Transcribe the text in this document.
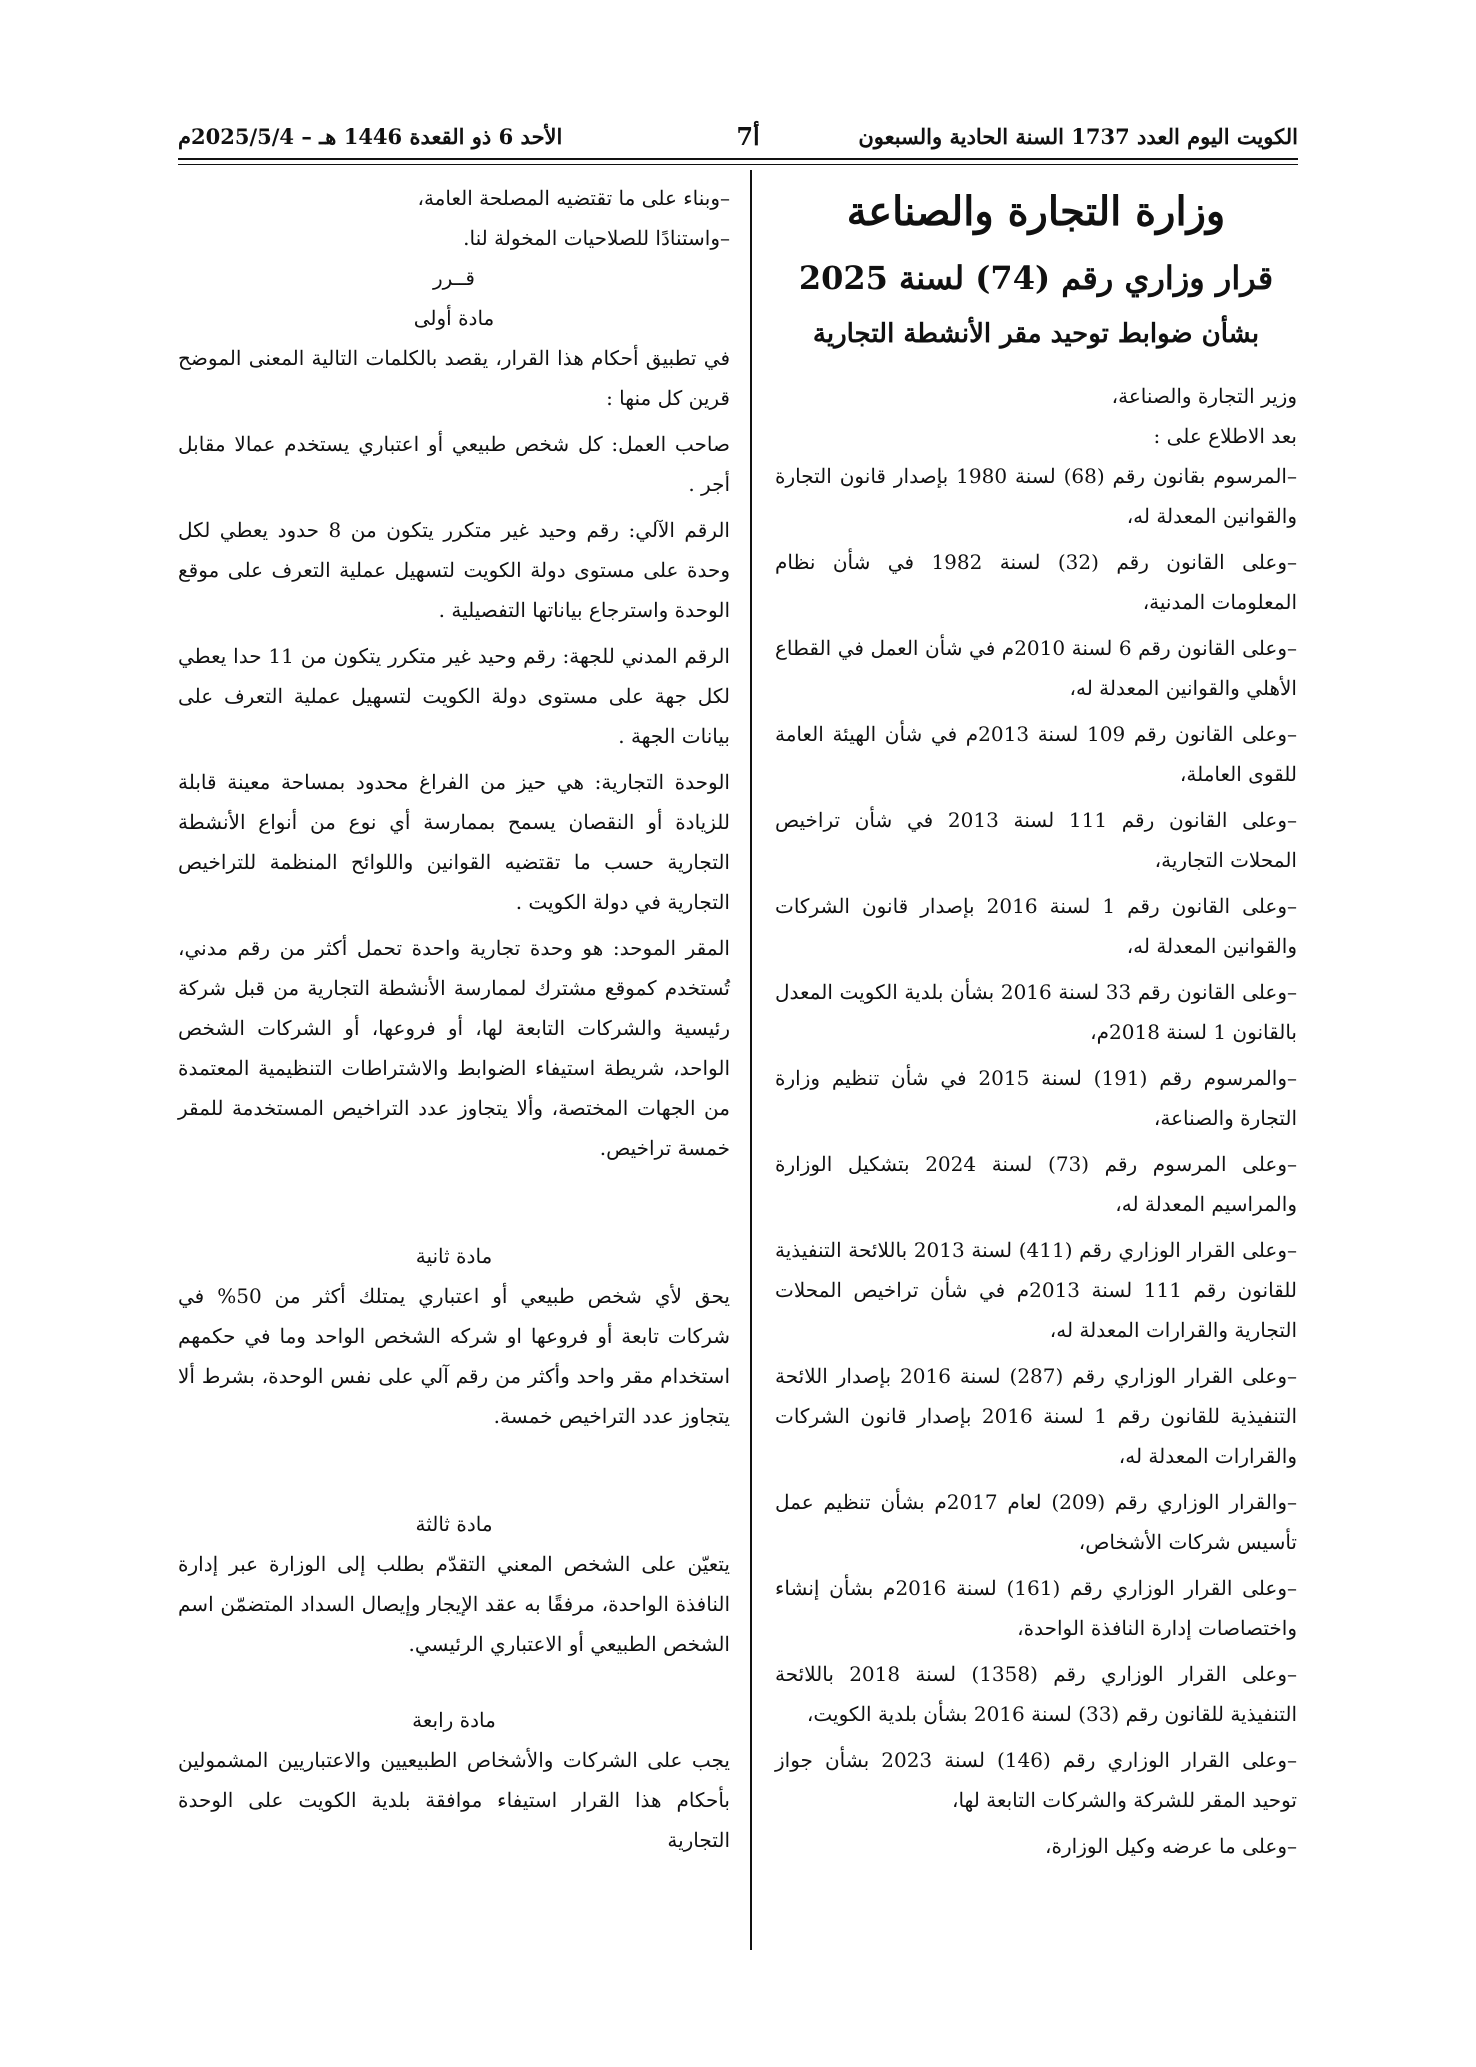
الكويت اليوم العدد 1737 السنة الحادية والسبعون
7أ
الأحد 6 ذو القعدة 1446 هـ – 2025/5/4م

وزارة التجارة والصناعة

قرار وزاري رقم (74) لسنة 2025

بشأن ضوابط توحيد مقر الأنشطة التجارية

وزير التجارة والصناعة،

بعد الاطلاع على :

–المرسوم بقانون رقم (68) لسنة 1980 بإصدار قانون التجارة والقوانين المعدلة له،

–وعلى القانون رقم (32) لسنة 1982 في شأن نظام المعلومات المدنية،

–وعلى القانون رقم 6 لسنة 2010م في شأن العمل في القطاع الأهلي والقوانين المعدلة له،

–وعلى القانون رقم 109 لسنة 2013م في شأن الهيئة العامة للقوى العاملة،

–وعلى القانون رقم 111 لسنة 2013 في شأن تراخيص المحلات التجارية،

–وعلى القانون رقم 1 لسنة 2016 بإصدار قانون الشركات والقوانين المعدلة له،

–وعلى القانون رقم 33 لسنة 2016 بشأن بلدية الكويت المعدل بالقانون 1 لسنة 2018م،

–والمرسوم رقم (191) لسنة 2015 في شأن تنظيم وزارة التجارة والصناعة،

–وعلى المرسوم رقم (73) لسنة 2024 بتشكيل الوزارة والمراسيم المعدلة له،

–وعلى القرار الوزاري رقم (411) لسنة 2013 باللائحة التنفيذية للقانون رقم 111 لسنة 2013م في شأن تراخيص المحلات التجارية والقرارات المعدلة له،

–وعلى القرار الوزاري رقم (287) لسنة 2016 بإصدار اللائحة التنفيذية للقانون رقم 1 لسنة 2016 بإصدار قانون الشركات والقرارات المعدلة له،

–والقرار الوزاري رقم (209) لعام 2017م بشأن تنظيم عمل تأسيس شركات الأشخاص،

–وعلى القرار الوزاري رقم (161) لسنة 2016م بشأن إنشاء واختصاصات إدارة النافذة الواحدة،

–وعلى القرار الوزاري رقم (1358) لسنة 2018 باللائحة التنفيذية للقانون رقم (33) لسنة 2016 بشأن بلدية الكويت،

–وعلى القرار الوزاري رقم (146) لسنة 2023 بشأن جواز توحيد المقر للشركة والشركات التابعة لها،

–وعلى ما عرضه وكيل الوزارة،

–وبناء على ما تقتضيه المصلحة العامة،

–واستنادًا للصلاحيات المخولة لنا.

قــرر

مادة أولى

في تطبيق أحكام هذا القرار، يقصد بالكلمات التالية المعنى الموضح قرين كل منها :

صاحب العمل: كل شخص طبيعي أو اعتباري يستخدم عمالا مقابل أجر .

الرقم الآلي: رقم وحيد غير متكرر يتكون من 8 حدود يعطي لكل وحدة على مستوى دولة الكويت لتسهيل عملية التعرف على موقع الوحدة واسترجاع بياناتها التفصيلية .

الرقم المدني للجهة: رقم وحيد غير متكرر يتكون من 11 حدا يعطي لكل جهة على مستوى دولة الكويت لتسهيل عملية التعرف على بيانات الجهة .

الوحدة التجارية: هي حيز من الفراغ محدود بمساحة معينة قابلة للزيادة أو النقصان يسمح بممارسة أي نوع من أنواع الأنشطة التجارية حسب ما تقتضيه القوانين واللوائح المنظمة للتراخيص التجارية في دولة الكويت .

المقر الموحد: هو وحدة تجارية واحدة تحمل أكثر من رقم مدني، تُستخدم كموقع مشترك لممارسة الأنشطة التجارية من قبل شركة رئيسية والشركات التابعة لها، أو فروعها، أو الشركات الشخص الواحد، شريطة استيفاء الضوابط والاشتراطات التنظيمية المعتمدة من الجهات المختصة، وألا يتجاوز عدد التراخيص المستخدمة للمقر خمسة تراخيص.

مادة ثانية

يحق لأي شخص طبيعي أو اعتباري يمتلك أكثر من 50% في شركات تابعة أو فروعها او شركه الشخص الواحد وما في حكمهم استخدام مقر واحد وأكثر من رقم آلي على نفس الوحدة، بشرط ألا يتجاوز عدد التراخيص خمسة.

مادة ثالثة

يتعيّن على الشخص المعني التقدّم بطلب إلى الوزارة عبر إدارة النافذة الواحدة، مرفقًا به عقد الإيجار وإيصال السداد المتضمّن اسم الشخص الطبيعي أو الاعتباري الرئيسي.

مادة رابعة

يجب على الشركات والأشخاص الطبيعيين والاعتباريين المشمولين بأحكام هذا القرار استيفاء موافقة بلدية الكويت على الوحدة التجارية
